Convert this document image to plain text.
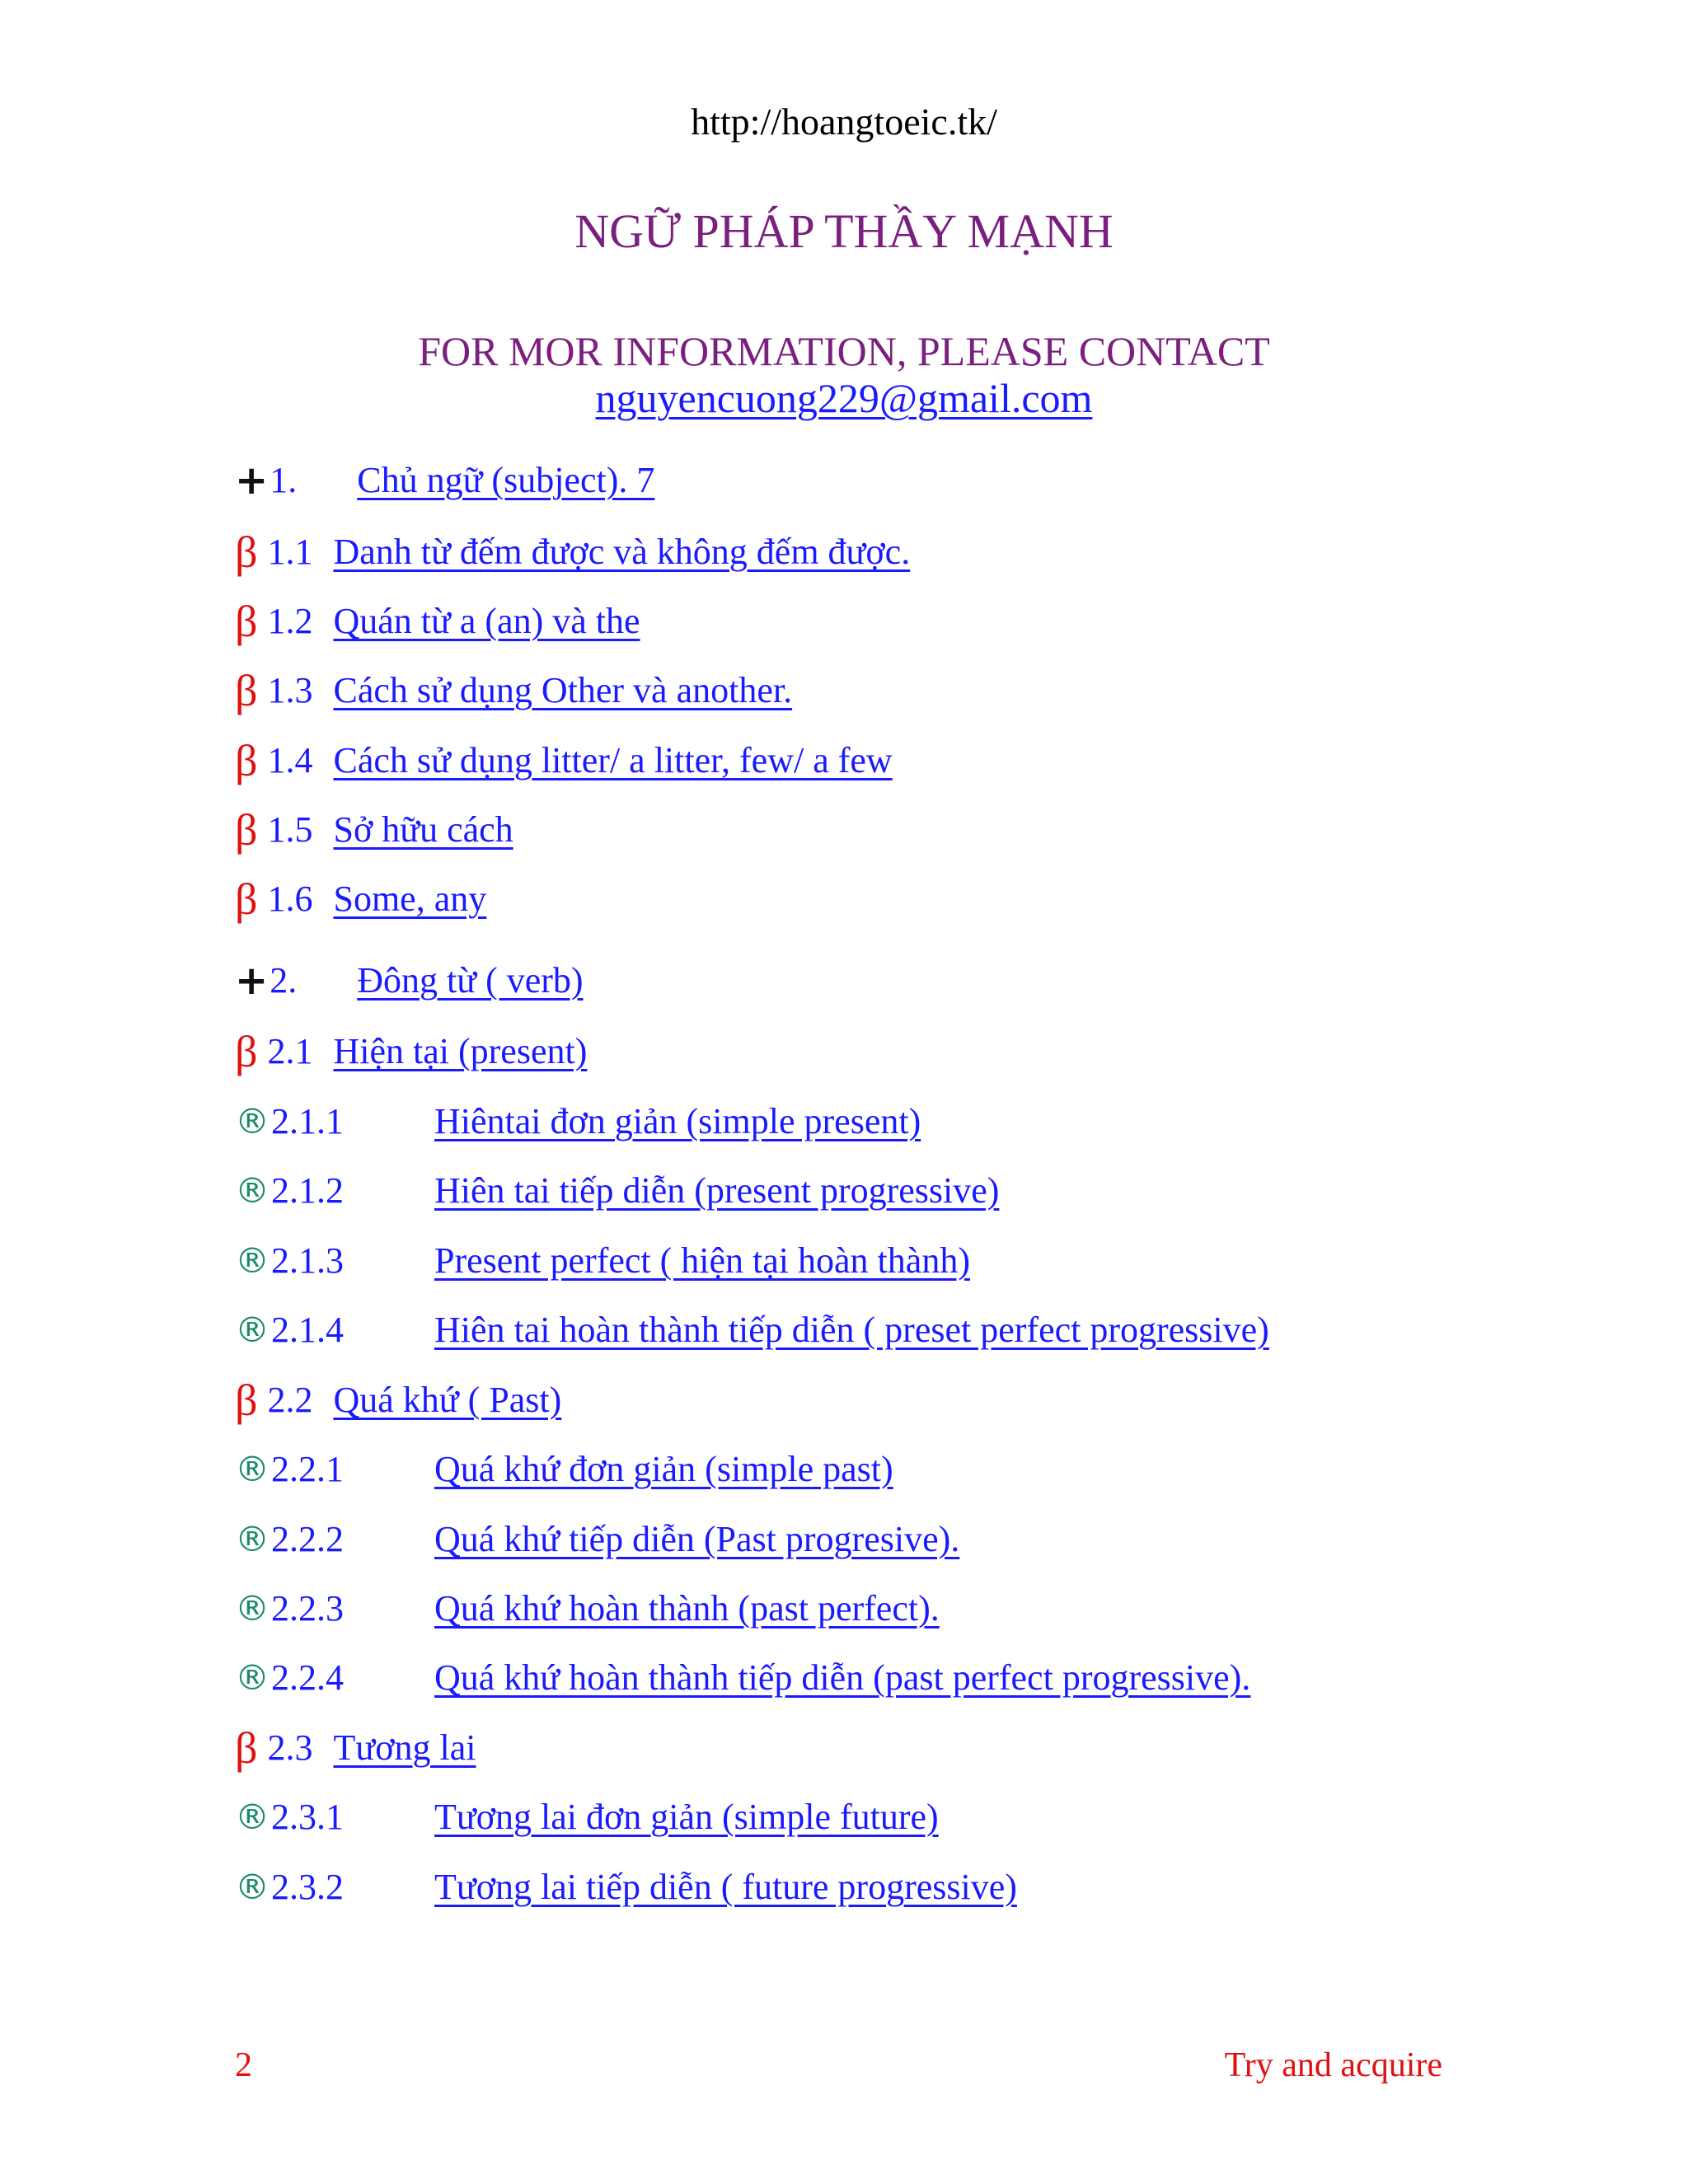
http://hoangtoeic.tk/
NGỮ PHÁP THẦY MẠNH
FOR MOR INFORMATION, PLEASE CONTACT
nguyencuong229@gmail.com
+ 1. Chủ ngữ (subject). 7
β 1.1 Danh từ đếm được và không đếm được.
β 1.2 Quán từ a (an) và the
β 1.3 Cách sử dụng Other và another.
β 1.4 Cách sử dụng litter/ a litter, few/ a few
β 1.5 Sở hữu cách
β 1.6 Some, any
+ 2. Đông từ ( verb)
β 2.1 Hiện tại (present)
® 2.1.1	Hiêntai đơn giản (simple present)
® 2.1.2	Hiên tai tiếp diễn (present progressive)
® 2.1.3	Present perfect ( hiện tại hoàn thành)
® 2.1.4	Hiên tai hoàn thành tiếp diễn ( preset perfect progressive)
β 2.2 Quá khứ ( Past)
® 2.2.1	Quá khứ đơn giản (simple past)
® 2.2.2	Quá khứ tiếp diễn (Past progresive).
® 2.2.3	Quá khứ hoàn thành (past perfect).
® 2.2.4	Quá khứ hoàn thành tiếp diễn (past perfect progressive).
β 2.3 Tương lai
® 2.3.1	Tương lai đơn giản (simple future)
® 2.3.2	Tương lai tiếp diễn ( future progressive)
2	Try and acquire
